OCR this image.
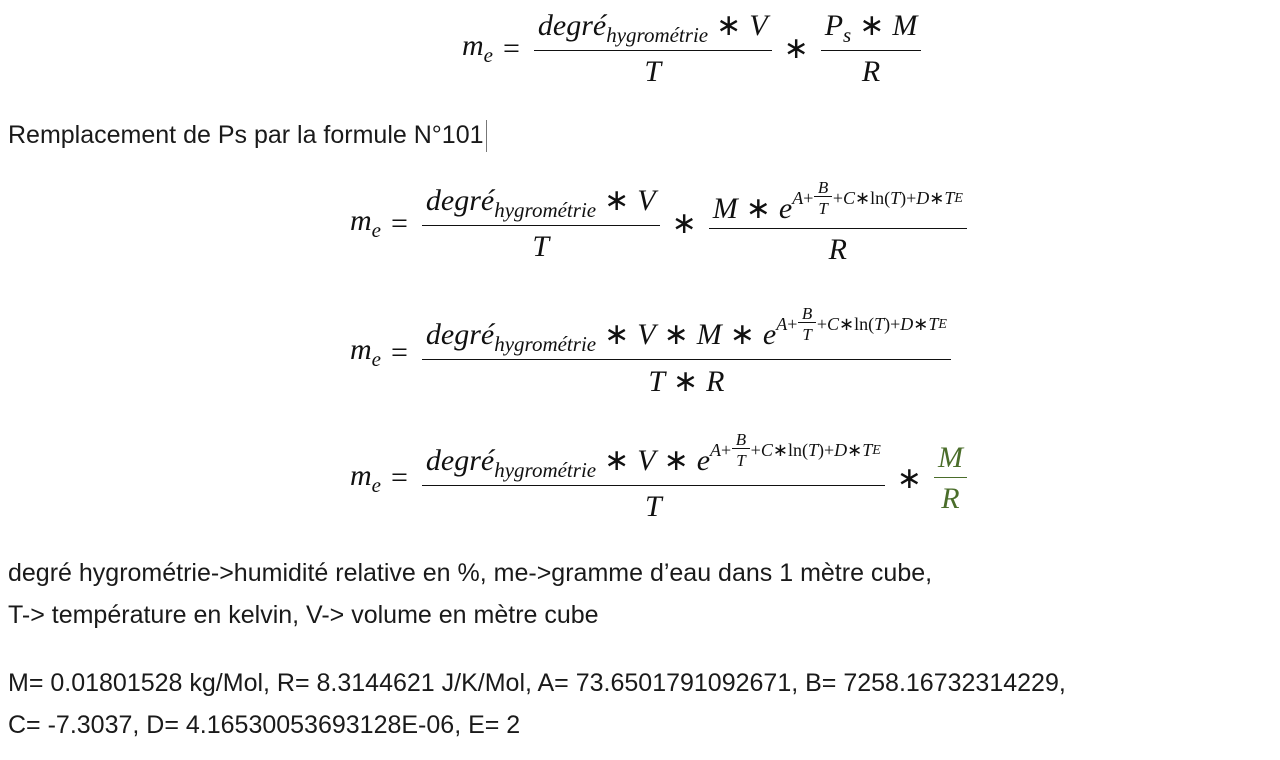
$m_e = \frac{degré_{hygrométrie} ∗ V}{T}$ ∗ $\frac{P_s ∗ M}{R}$
Remplacement de Ps par la formule N°101
$m_e = \frac{degré_{hygrométrie} ∗ V}{T}$ ∗ $\frac{M ∗ e A + \frac{B}{T} + C ∗ \ln ( T )+ D ∗ T E}{R}$
$m_e = \frac{degré_{hygrométrie} ∗ V ∗ M ∗ e A + \frac{B}{T} + C ∗ \ln ( T )+ D ∗ T E}{T ∗ R}$
$m_e = \frac{degré_{hygrométrie} ∗ V ∗ e A + \frac{B}{T} + C ∗ \ln ( T )+ D ∗ T E}{T}$ ∗ $\frac{M}{R}$
degré hygrométrie->humidité relative en %, me->gramme d’eau dans 1 mètre cube,
T-> température en kelvin, V-> volume en mètre cube
M= 0.01801528 kg/Mol, R= 8.3144621 J/K/Mol, A= 73.6501791092671, B= 7258.16732314229,
C= -7.3037, D= 4.16530053693128E-06, E= 2
